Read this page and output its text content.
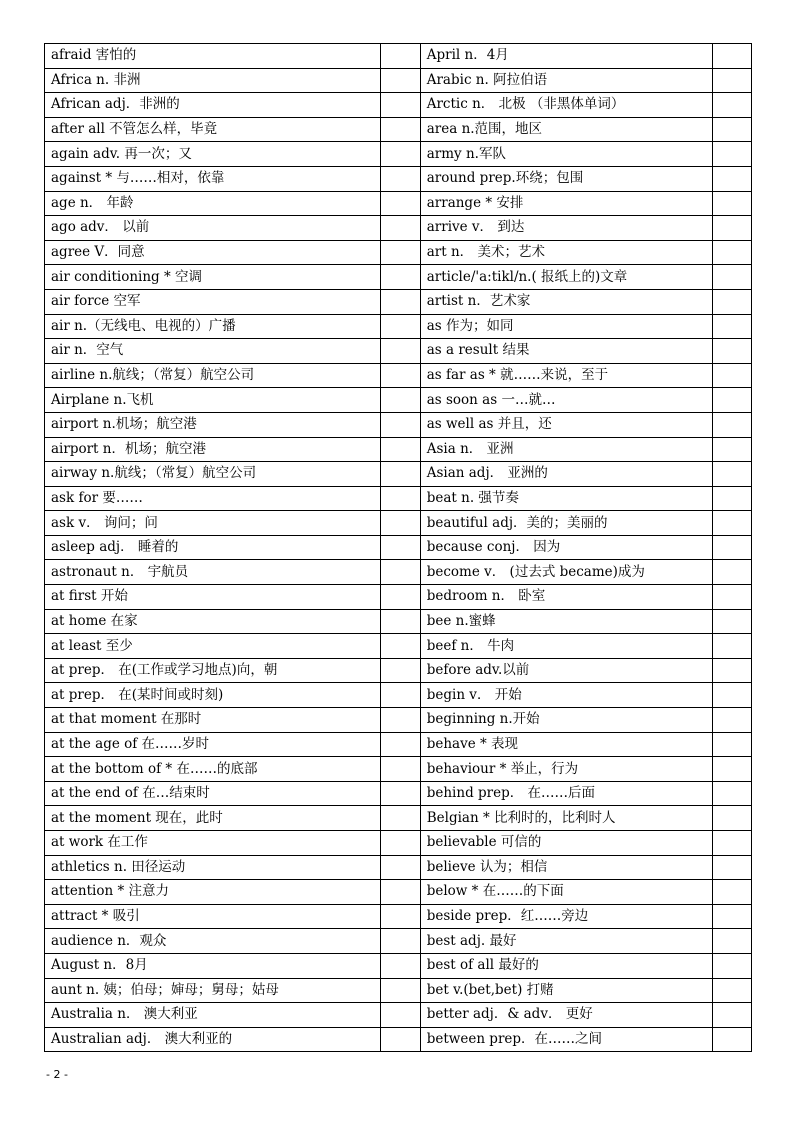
afraid 害怕的		April n．4月	
Africa n. 非洲		Arabic n. 阿拉伯语	
African adj．非洲的		Arctic n． 北极 （非黑体单词）	
after all 不管怎么样，毕竟		area n.范围，地区	
again adv. 再一次；又		army n.军队	
against * 与……相对，依靠		around prep.环绕；包围	
age n． 年龄		arrange * 安排	
ago adv． 以前		arrive v． 到达	
agree V．同意		art n． 美术；艺术	
air conditioning * 空调		article/'a:tikl/n.( 报纸上的)文章	
air force 空军		artist n．艺术家	
air n.（无线电、电视的）广播		as 作为；如同	
air n．空气		as a result 结果	
airline n.航线；（常复）航空公司		as far as * 就……来说，至于	
Airplane n.飞机		as soon as 一…就…	
airport n.机场；航空港		as well as 并且，还	
airport n．机场；航空港		Asia n． 亚洲	
airway n.航线；（常复）航空公司		Asian adj． 亚洲的	
ask for 要……		beat n. 强节奏	
ask v． 询问；问		beautiful adj．美的；美丽的	
asleep adj． 睡着的		because conj． 因为	
astronaut n． 宇航员		become v． (过去式 became)成为	
at first 开始		bedroom n． 卧室	
at home 在家		bee n.蜜蜂	
at least 至少		beef n． 牛肉	
at prep． 在(工作或学习地点)向，朝		before adv.以前	
at prep． 在(某时间或时刻)		begin v． 开始	
at that moment 在那时		beginning n.开始	
at the age of 在……岁时		behave * 表现	
at the bottom of * 在……的底部		behaviour * 举止，行为	
at the end of 在…结束时		behind prep． 在……后面	
at the moment 现在，此时		Belgian * 比利时的，比利时人	
at work 在工作		believable 可信的	
athletics n. 田径运动		believe 认为；相信	
attention * 注意力		below * 在……的下面	
attract * 吸引		beside prep．红……旁边	
audience n．观众		best adj. 最好	
August n．8月		best of all 最好的	
aunt n. 姨；伯母；婶母；舅母；姑母		bet v.(bet,bet) 打赌	
Australia n． 澳大利亚		better adj．& adv． 更好	
Australian adj． 澳大利亚的		between prep．在……之间	
- 2 -
